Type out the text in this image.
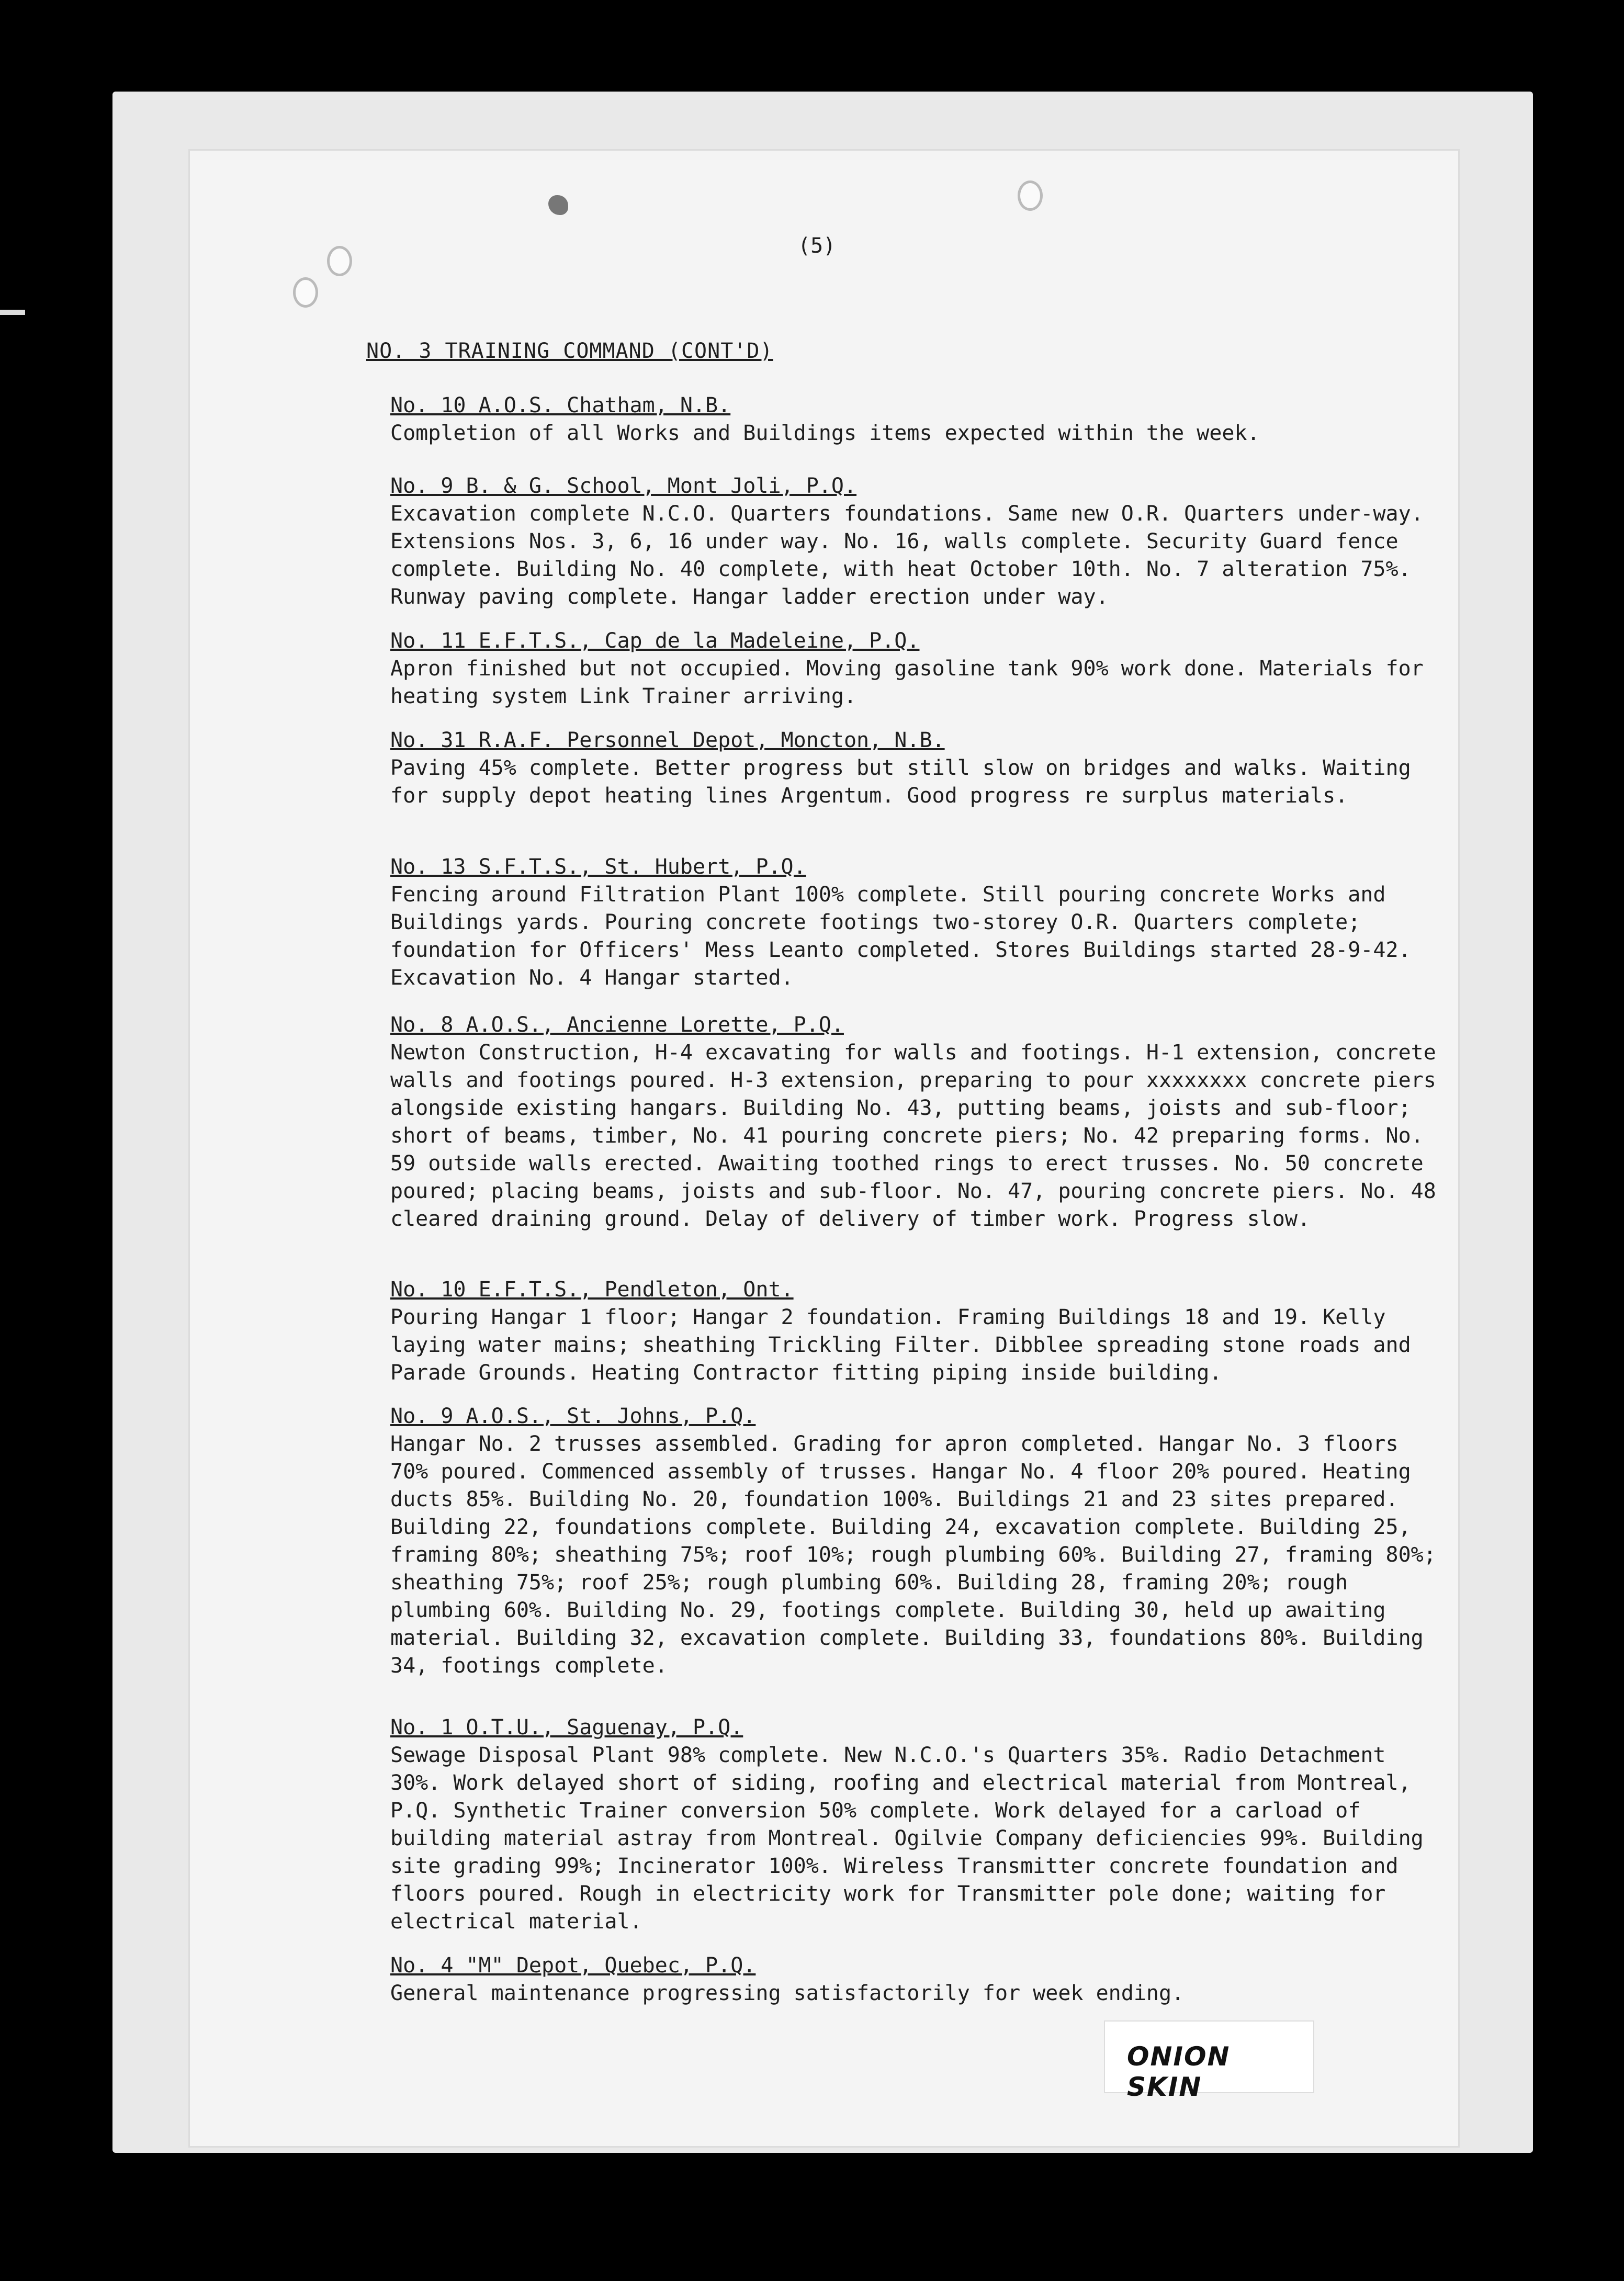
(5)
NO. 3 TRAINING COMMAND (CONT'D)
No. 10 A.O.S. Chatham, N.B.

Completion of all Works and Buildings items expected within the week.

No. 9 B. & G. School, Mont Joli, P.Q.

Excavation complete N.C.O. Quarters foundations. Same new O.R. Quarters under-way. Extensions Nos. 3, 6, 16 under way. No. 16, walls complete. Security Guard fence complete. Building No. 40 complete, with heat October 10th. No. 7 alteration 75%. Runway paving complete. Hangar ladder erection under way.

No. 11 E.F.T.S., Cap de la Madeleine, P.Q.

Apron finished but not occupied. Moving gasoline tank 90% work done. Materials for heating system Link Trainer arriving.

No. 31 R.A.F. Personnel Depot, Moncton, N.B.

Paving 45% complete. Better progress but still slow on bridges and walks. Waiting for supply depot heating lines Argentum. Good progress re surplus materials.

No. 13 S.F.T.S., St. Hubert, P.Q.

Fencing around Filtration Plant 100% complete. Still pouring concrete Works and Buildings yards. Pouring concrete footings two-storey O.R. Quarters complete; foundation for Officers' Mess Leanto completed. Stores Buildings started 28-9-42. Excavation No. 4 Hangar started.

No. 8 A.O.S., Ancienne Lorette, P.Q.

Newton Construction, H-4 excavating for walls and footings. H-1 extension, concrete walls and footings poured. H-3 extension, preparing to pour xxxxxxxx concrete piers alongside existing hangars. Building No. 43, putting beams, joists and sub-floor; short of beams, timber, No. 41 pouring concrete piers; No. 42 preparing forms. No. 59 outside walls erected. Awaiting toothed rings to erect trusses. No. 50 concrete poured; placing beams, joists and sub-floor. No. 47, pouring concrete piers. No. 48 cleared draining ground. Delay of delivery of timber work. Progress slow.

No. 10 E.F.T.S., Pendleton, Ont.

Pouring Hangar 1 floor; Hangar 2 foundation. Framing Buildings 18 and 19. Kelly laying water mains; sheathing Trickling Filter. Dibblee spreading stone roads and Parade Grounds. Heating Contractor fitting piping inside building.

No. 9 A.O.S., St. Johns, P.Q.

Hangar No. 2 trusses assembled. Grading for apron completed. Hangar No. 3 floors 70% poured. Commenced assembly of trusses. Hangar No. 4 floor 20% poured. Heating ducts 85%. Building No. 20, foundation 100%. Buildings 21 and 23 sites prepared. Building 22, foundations complete. Building 24, excavation complete. Building 25, framing 80%; sheathing 75%; roof 10%; rough plumbing 60%. Building 27, framing 80%; sheathing 75%; roof 25%; rough plumbing 60%. Building 28, framing 20%; rough plumbing 60%. Building No. 29, footings complete. Building 30, held up awaiting material. Building 32, excavation complete. Building 33, foundations 80%. Building 34, footings complete.

No. 1 O.T.U., Saguenay, P.Q.

Sewage Disposal Plant 98% complete. New N.C.O.'s Quarters 35%. Radio Detachment 30%. Work delayed short of siding, roofing and electrical material from Montreal, P.Q. Synthetic Trainer conversion 50% complete. Work delayed for a carload of building material astray from Montreal. Ogilvie Company deficiencies 99%. Building site grading 99%; Incinerator 100%. Wireless Transmitter concrete foundation and floors poured. Rough in electricity work for Transmitter pole done; waiting for electrical material.

No. 4 "M" Depot, Quebec, P.Q.

General maintenance progressing satisfactorily for week ending.

ONION SKIN
